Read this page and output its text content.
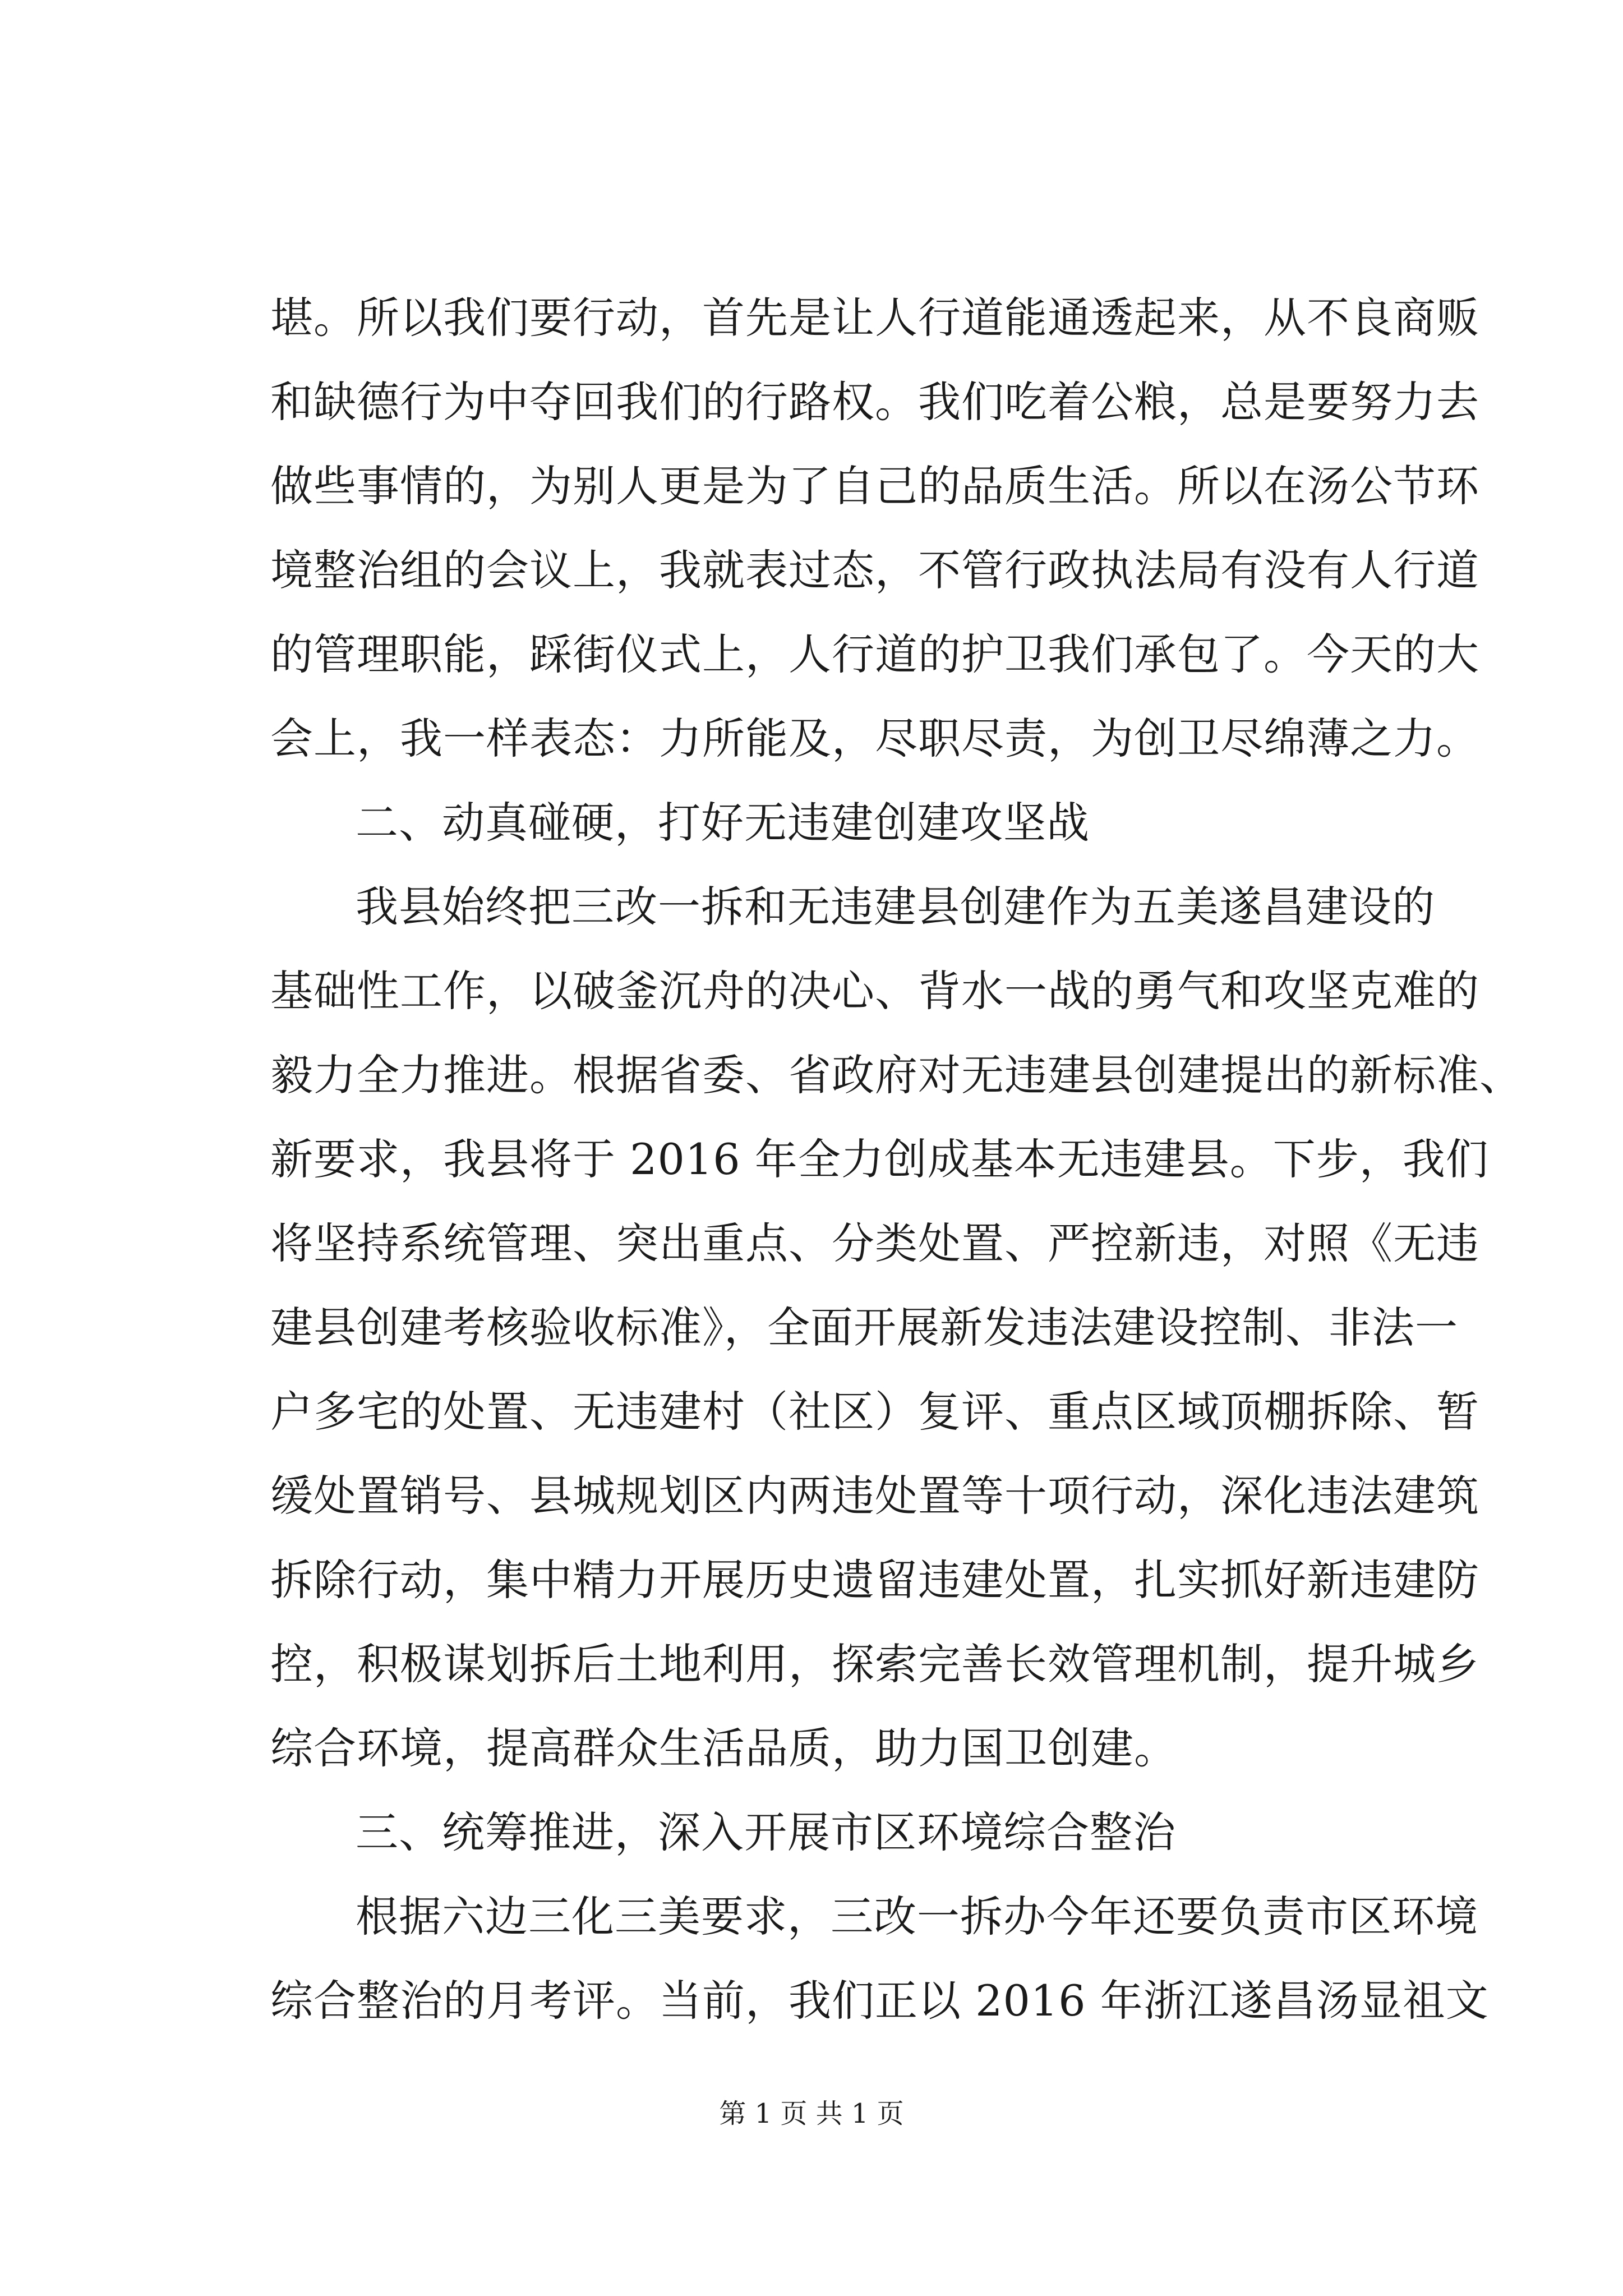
堪。所以我们要行动，首先是让人行道能通透起来，从不良商贩
和缺德行为中夺回我们的行路权。我们吃着公粮，总是要努力去
做些事情的，为别人更是为了自己的品质生活。所以在汤公节环
境整治组的会议上，我就表过态，不管行政执法局有没有人行道
的管理职能，踩街仪式上，人行道的护卫我们承包了。今天的大
会上，我一样表态：力所能及，尽职尽责，为创卫尽绵薄之力。
二、动真碰硬，打好无违建创建攻坚战
我县始终把三改一拆和无违建县创建作为五美遂昌建设的
基础性工作，以破釜沉舟的决心、背水一战的勇气和攻坚克难的
毅力全力推进。根据省委、省政府对无违建县创建提出的新标准、
新要求，我县将于 2016 年全力创成基本无违建县。下步，我们
将坚持系统管理、突出重点、分类处置、严控新违，对照《无违
建县创建考核验收标准》，全面开展新发违法建设控制、非法一
户多宅的处置、无违建村（社区）复评、重点区域顶棚拆除、暂
缓处置销号、县城规划区内两违处置等十项行动，深化违法建筑
拆除行动，集中精力开展历史遗留违建处置，扎实抓好新违建防
控，积极谋划拆后土地利用，探索完善长效管理机制，提升城乡
综合环境，提高群众生活品质，助力国卫创建。
三、统筹推进，深入开展市区环境综合整治
根据六边三化三美要求，三改一拆办今年还要负责市区环境
综合整治的月考评。当前，我们正以 2016 年浙江遂昌汤显祖文
第 1 页 共 1 页
